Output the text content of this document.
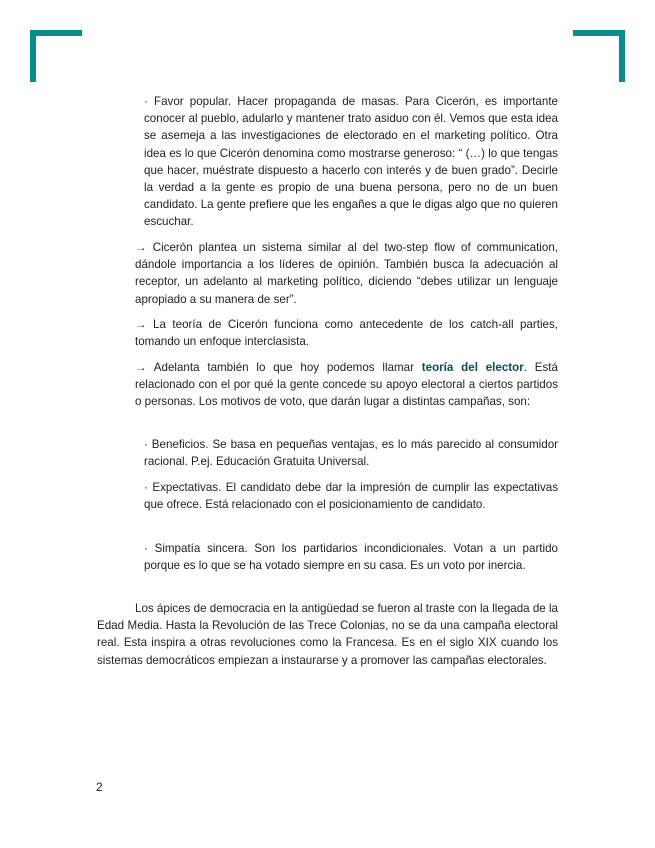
· Favor popular. Hacer propaganda de masas. Para Cicerón, es importante conocer al pueblo, adularlo y mantener trato asiduo con él. Vemos que esta idea se asemeja a las investigaciones de electorado en el marketing político. Otra idea es lo que Cicerón denomina como mostrarse generoso: “ (…) lo que tengas que hacer, muéstrate dispuesto a hacerlo con interés y de buen grado”. Decirle la verdad a la gente es propio de una buena persona, pero no de un buen candidato. La gente prefiere que les engañes a que le digas algo que no quieren escuchar.

→ Cicerón plantea un sistema similar al del two-step flow of communication, dándole importancia a los líderes de opinión. También busca la adecuación al receptor, un adelanto al marketing político, diciendo “debes utilizar un lenguaje apropiado a su manera de ser”.

→ La teoría de Cicerón funciona como antecedente de los catch-all parties, tomando un enfoque interclasista.

→ Adelanta también lo que hoy podemos llamar teoría del elector. Está relacionado con el por qué la gente concede su apoyo electoral a ciertos partidos o personas. Los motivos de voto, que darán lugar a distintas campañas, son:

· Beneficios. Se basa en pequeñas ventajas, es lo más parecido al consumidor racional. P.ej. Educación Gratuita Universal.

· Expectativas. El candidato debe dar la impresión de cumplir las expectativas que ofrece. Está relacionado con el posicionamiento de candidato.

· Simpatía sincera. Son los partidarios incondicionales. Votan a un partido porque es lo que se ha votado siempre en su casa. Es un voto por inercia.

Los ápices de democracia en la antigüedad se fueron al traste con la llegada de la Edad Media. Hasta la Revolución de las Trece Colonias, no se da una campaña electoral real. Esta inspira a otras revoluciones como la Francesa. Es en el siglo XIX cuando los sistemas democráticos empiezan a instaurarse y a promover las campañas electorales.

2
